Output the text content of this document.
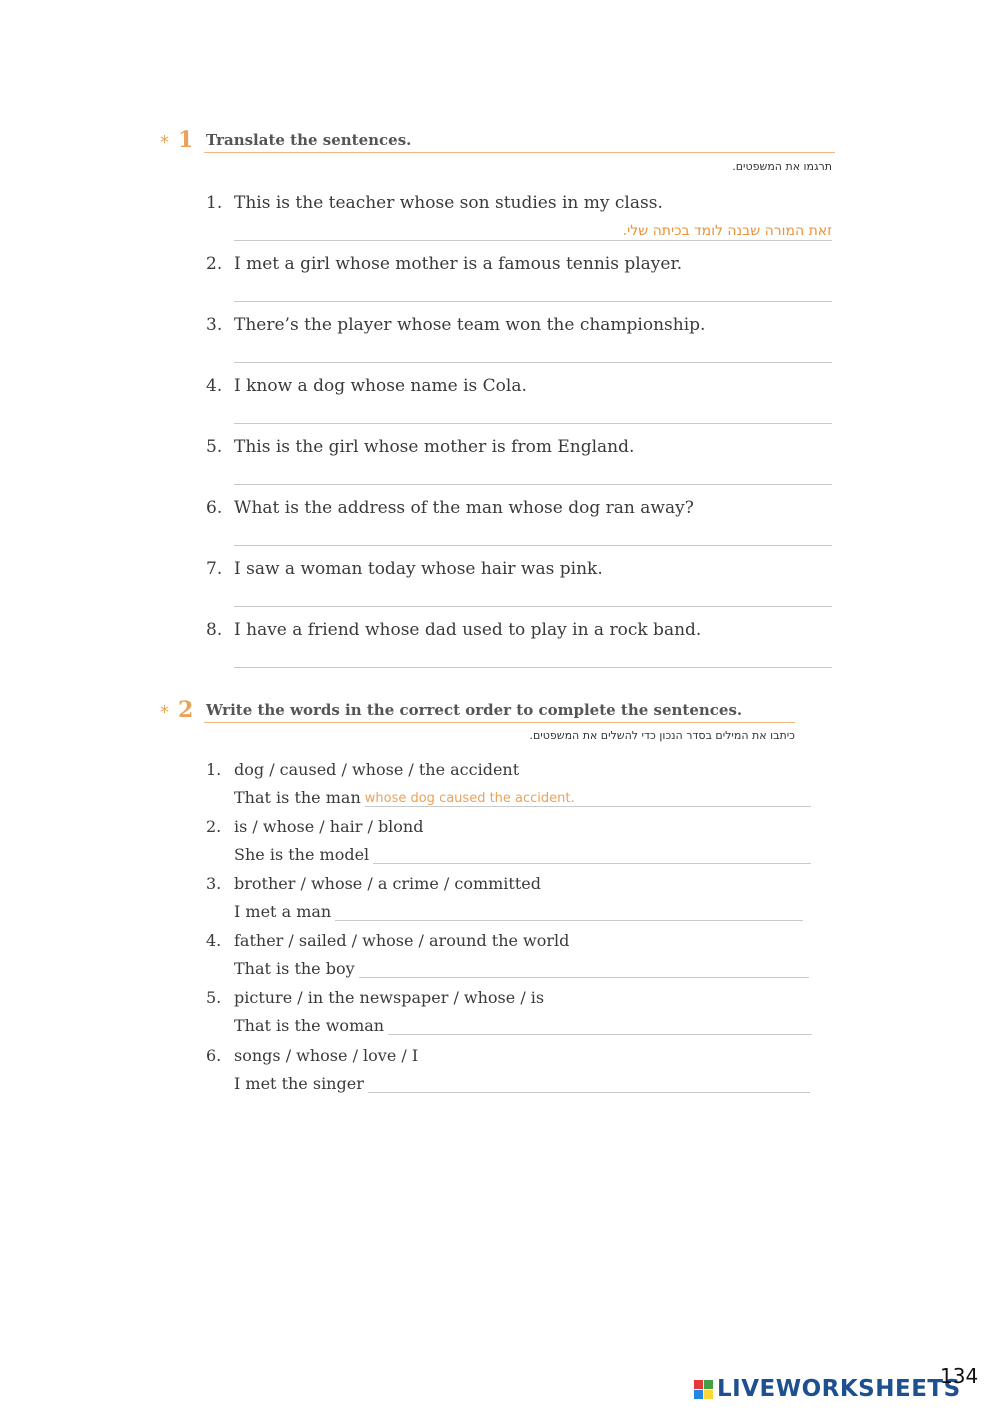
* 1 Translate the sentences.
תרגמו את המשפטים.
1. This is the teacher whose son studies in my class.
זאת המורה שבנה לומד בכיתה שלי.
2. I met a girl whose mother is a famous tennis player.
3. There’s the player whose team won the championship.
4. I know a dog whose name is Cola.
5. This is the girl whose mother is from England.
6. What is the address of the man whose dog ran away?
7. I saw a woman today whose hair was pink.
8. I have a friend whose dad used to play in a rock band.
* 2 Write the words in the correct order to complete the sentences.
כיתבו את המילים בסדר הנכון כדי להשלים את המשפטים.
1. dog / caused / whose / the accident
That is the man whose dog caused the accident.
2. is / whose / hair / blond
She is the model
3. brother / whose / a crime / committed
I met a man
4. father / sailed / whose / around the world
That is the boy
5. picture / in the newspaper / whose / is
That is the woman
6. songs / whose / love / I
I met the singer
LIVEWORKSHEETS
134
